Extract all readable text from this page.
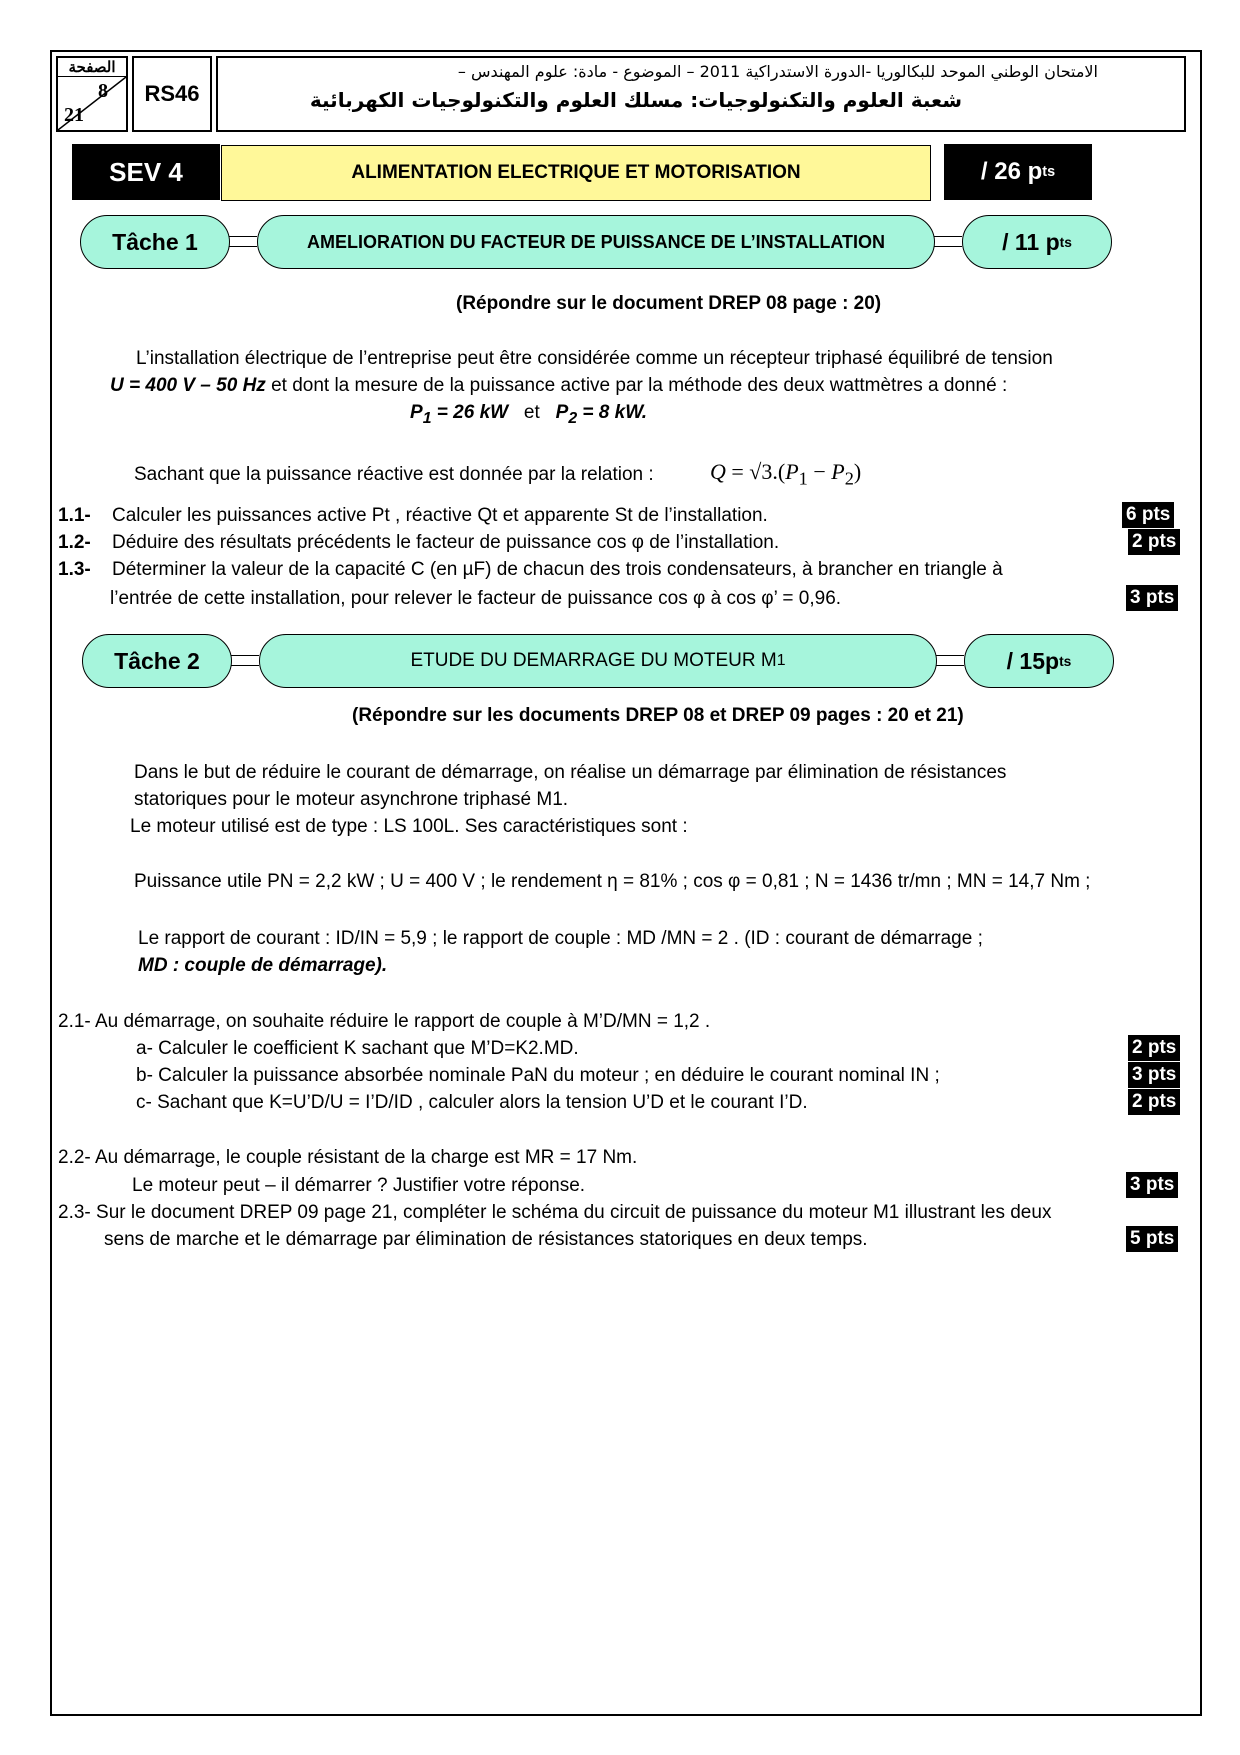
الصفحة
8
21
RS46
الامتحان الوطني الموحد للبكالوريا -الدورة الاستدراكية 2011 – الموضوع - مادة: علوم المهندس –
شعبة العلوم والتكنولوجيات: مسلك العلوم والتكنولوجيات الكهربائية
SEV 4	ALIMENTATION ELECTRIQUE ET MOTORISATION	/ 26 p ts
Tâche 1	AMELIORATION DU FACTEUR DE PUISSANCE DE L’INSTALLATION	/ 11 p ts
(Répondre sur le document DREP 08 page : 20)
L’installation électrique de l’entreprise peut être considérée comme un récepteur triphasé équilibré de tension
U = 400 V – 50 Hz et dont la mesure de la puissance active par la méthode des deux wattmètres a donné :
$P_1 = 26$ kW et $P_2 = 8$ kW.
Sachant que la puissance réactive est donnée par la relation :	$Q = √3.(P_1 - P_2)$
1.1- Calculer les puissances active Pt , réactive Qt et apparente St de l’installation.	6 pts
1.2- Déduire des résultats précédents le facteur de puissance cos φ de l’installation.	2 pts
1.3- Déterminer la valeur de la capacité C (en µF) de chacun des trois condensateurs, à brancher en triangle à
l’entrée de cette installation, pour relever le facteur de puissance cos φ à cos φ’ = 0,96.	3 pts
Tâche 2	ETUDE DU DEMARRAGE DU MOTEUR M 1	/ 15p ts
(Répondre sur les documents DREP 08 et DREP 09 pages : 20 et 21)
Dans le but de réduire le courant de démarrage, on réalise un démarrage par élimination de résistances
statoriques pour le moteur asynchrone triphasé M1.
Le moteur utilisé est de type : LS 100L. Ses caractéristiques sont :
Puissance utile PN = 2,2 kW ; U = 400 V ; le rendement η = 81% ; cos φ = 0,81 ; N = 1436 tr/mn ; MN = 14,7 Nm ;
Le rapport de courant : ID/IN = 5,9 ; le rapport de couple : MD /MN = 2 . (ID : courant de démarrage ;
MD : couple de démarrage).
2.1- Au démarrage, on souhaite réduire le rapport de couple à M’D/MN = 1,2 .
a- Calculer le coefficient K sachant que M’D=K2.MD.	2 pts
b- Calculer la puissance absorbée nominale PaN du moteur ; en déduire le courant nominal IN ;	3 pts
c- Sachant que K=U’D/U = I’D/ID , calculer alors la tension U’D et le courant I’D.	2 pts
2.2- Au démarrage, le couple résistant de la charge est MR = 17 Nm.
Le moteur peut – il démarrer ? Justifier votre réponse.	3 pts
2.3- Sur le document DREP 09 page 21, compléter le schéma du circuit de puissance du moteur M1 illustrant les deux
sens de marche et le démarrage par élimination de résistances statoriques en deux temps.	5 pts
